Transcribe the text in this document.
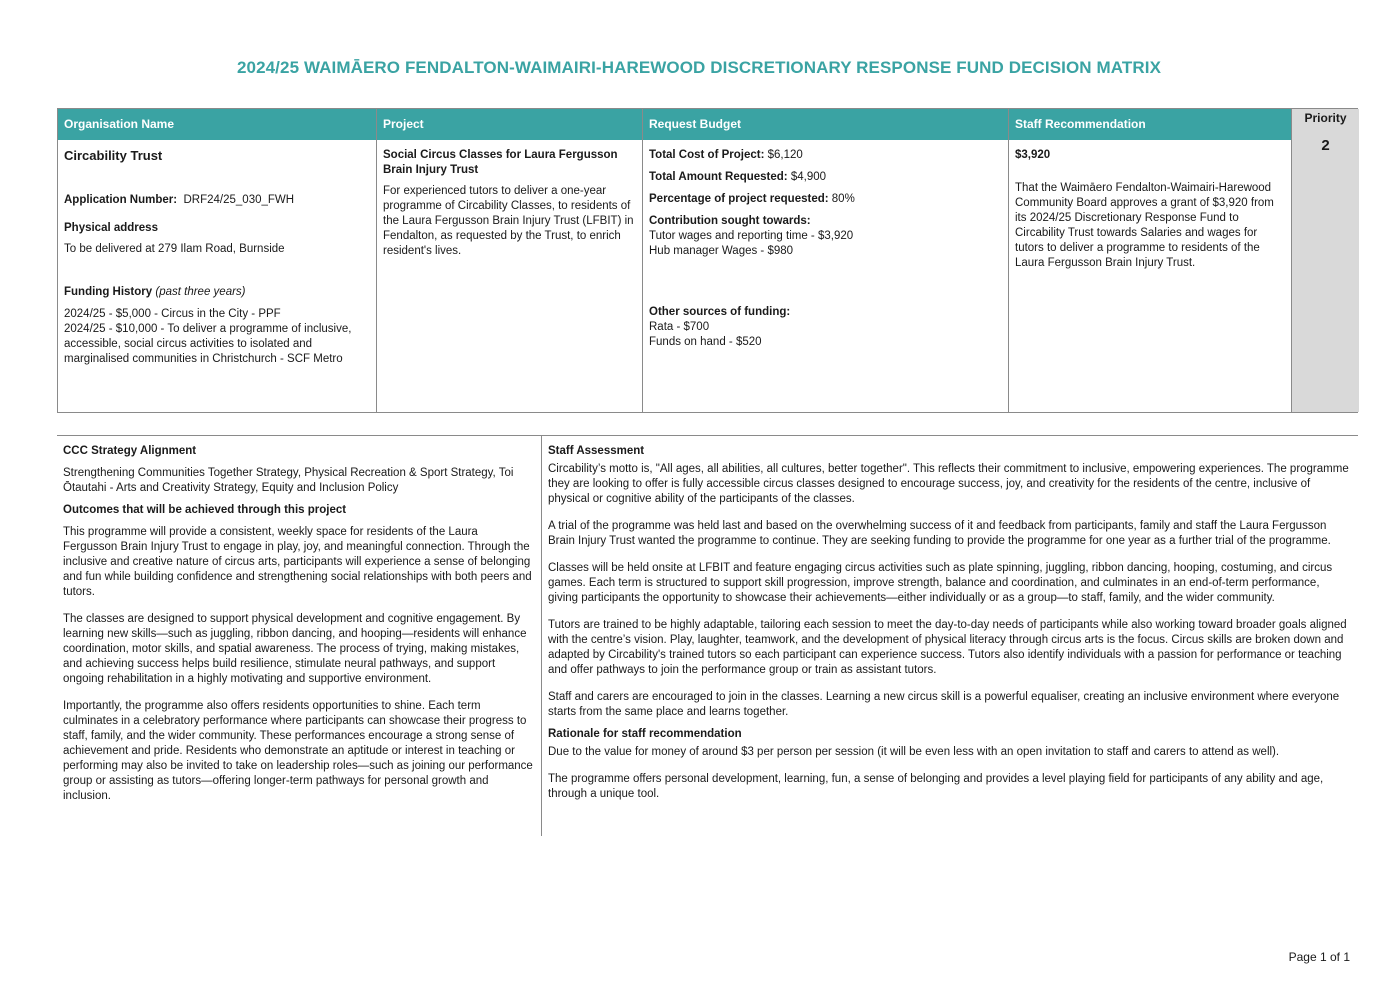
2024/25 WAIMĀERO FENDALTON-WAIMAIRI-HAREWOOD DISCRETIONARY RESPONSE FUND DECISION MATRIX
Organisation Name

Circability Trust

Application Number: DRF24/25_030_FWH

Physical address

To be delivered at 279 Ilam Road, Burnside

Funding History (past three years)

2024/25 - $5,000 - Circus in the City - PPF

2024/25 - $10,000 - To deliver a programme of inclusive, accessible, social circus activities to isolated and marginalised communities in Christchurch - SCF Metro

Project

Social Circus Classes for Laura Fergusson Brain Injury Trust

For experienced tutors to deliver a one-year programme of Circability Classes, to residents of the Laura Fergusson Brain Injury Trust (LFBIT) in Fendalton, as requested by the Trust, to enrich resident's lives.

Request Budget

Total Cost of Project: $6,120

Total Amount Requested: $4,900

Percentage of project requested: 80%

Contribution sought towards:

Tutor wages and reporting time - $3,920

Hub manager Wages - $980

Other sources of funding:

Rata - $700

Funds on hand - $520

Staff Recommendation

$3,920

That the Waimāero Fendalton-Waimairi-Harewood Community Board approves a grant of $3,920 from its 2024/25 Discretionary Response Fund to Circability Trust towards Salaries and wages for tutors to deliver a programme to residents of the Laura Fergusson Brain Injury Trust.

Priority
2

CCC Strategy Alignment

Strengthening Communities Together Strategy, Physical Recreation & Sport Strategy, Toi Ōtautahi - Arts and Creativity Strategy, Equity and Inclusion Policy

Outcomes that will be achieved through this project

This programme will provide a consistent, weekly space for residents of the Laura Fergusson Brain Injury Trust to engage in play, joy, and meaningful connection. Through the inclusive and creative nature of circus arts, participants will experience a sense of belonging and fun while building confidence and strengthening social relationships with both peers and tutors.

The classes are designed to support physical development and cognitive engagement. By learning new skills—such as juggling, ribbon dancing, and hooping—residents will enhance coordination, motor skills, and spatial awareness. The process of trying, making mistakes, and achieving success helps build resilience, stimulate neural pathways, and support ongoing rehabilitation in a highly motivating and supportive environment.

Importantly, the programme also offers residents opportunities to shine. Each term culminates in a celebratory performance where participants can showcase their progress to staff, family, and the wider community. These performances encourage a strong sense of achievement and pride. Residents who demonstrate an aptitude or interest in teaching or performing may also be invited to take on leadership roles—such as joining our performance group or assisting as tutors—offering longer-term pathways for personal growth and inclusion.

Staff Assessment

Circability’s motto is, "All ages, all abilities, all cultures, better together". This reflects their commitment to inclusive, empowering experiences. The programme they are looking to offer is fully accessible circus classes designed to encourage success, joy, and creativity for the residents of the centre, inclusive of physical or cognitive ability of the participants of the classes.

A trial of the programme was held last and based on the overwhelming success of it and feedback from participants, family and staff the Laura Fergusson Brain Injury Trust wanted the programme to continue. They are seeking funding to provide the programme for one year as a further trial of the programme.

Classes will be held onsite at LFBIT and feature engaging circus activities such as plate spinning, juggling, ribbon dancing, hooping, costuming, and circus games. Each term is structured to support skill progression, improve strength, balance and coordination, and culminates in an end-of-term performance, giving participants the opportunity to showcase their achievements—either individually or as a group—to staff, family, and the wider community.

Tutors are trained to be highly adaptable, tailoring each session to meet the day-to-day needs of participants while also working toward broader goals aligned with the centre’s vision. Play, laughter, teamwork, and the development of physical literacy through circus arts is the focus. Circus skills are broken down and adapted by Circability's trained tutors so each participant can experience success. Tutors also identify individuals with a passion for performance or teaching and offer pathways to join the performance group or train as assistant tutors.

Staff and carers are encouraged to join in the classes. Learning a new circus skill is a powerful equaliser, creating an inclusive environment where everyone starts from the same place and learns together.

Rationale for staff recommendation

Due to the value for money of around $3 per person per session (it will be even less with an open invitation to staff and carers to attend as well).

The programme offers personal development, learning, fun, a sense of belonging and provides a level playing field for participants of any ability and age, through a unique tool.

Page 1 of 1
